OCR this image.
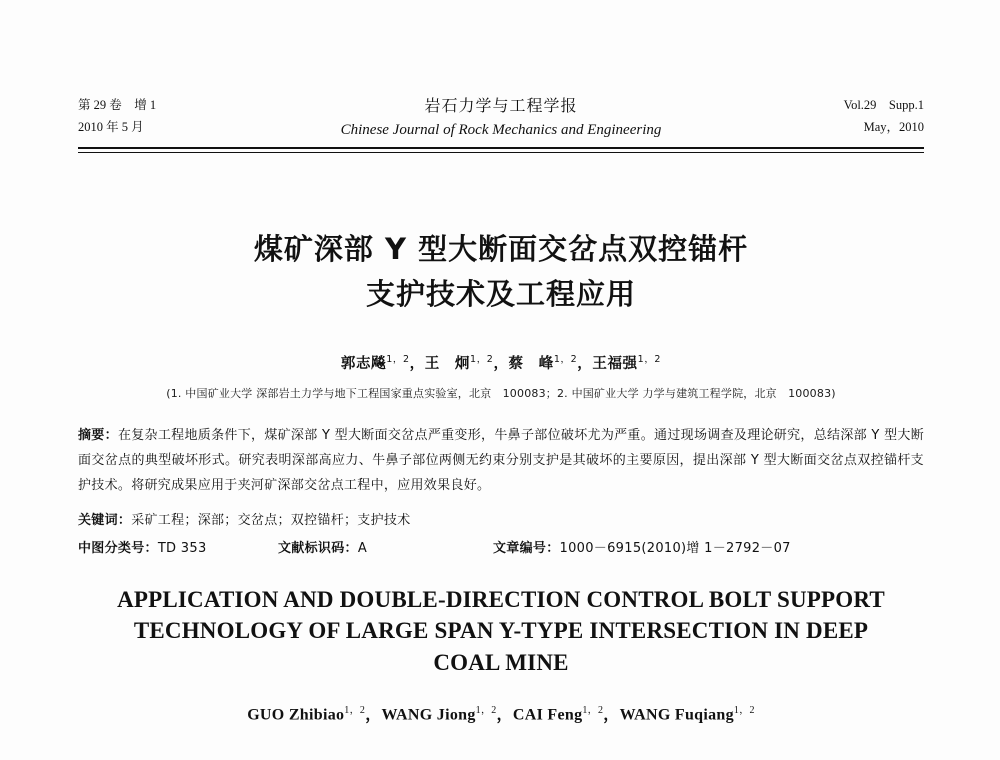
第 29 卷　增 1
2010 年 5 月
岩石力学与工程学报
Chinese Journal of Rock Mechanics and Engineering
Vol.29　Supp.1
May，2010
煤矿深部 Y 型大断面交岔点双控锚杆
支护技术及工程应用
郭志飚$^{1,2}$，王　炯$^{1,2}$，蔡　峰$^{1,2}$，王福强$^{1,2}$
(1. 中国矿业大学 深部岩土力学与地下工程国家重点实验室，北京　100083；2. 中国矿业大学 力学与建筑工程学院，北京　100083)
摘要：在复杂工程地质条件下，煤矿深部 Y 型大断面交岔点严重变形，牛鼻子部位破坏尤为严重。通过现场调查及理论研究，总结深部 Y 型大断面交岔点的典型破坏形式。研究表明深部高应力、牛鼻子部位两侧无约束分别支护是其破坏的主要原因，提出深部 Y 型大断面交岔点双控锚杆支护技术。将研究成果应用于夹河矿深部交岔点工程中，应用效果良好。
关键词：采矿工程；深部；交岔点；双控锚杆；支护技术
中图分类号：TD 353	文献标识码：A	文章编号：1000－6915(2010)增 1－2792－07
APPLICATION AND DOUBLE-DIRECTION CONTROL BOLT SUPPORT
TECHNOLOGY OF LARGE SPAN Y-TYPE INTERSECTION IN DEEP
COAL MINE
GUO Zhibiao$^{1,2}$，WANG Jiong$^{1,2}$，CAI Feng$^{1,2}$，WANG Fuqiang$^{1,2}$
